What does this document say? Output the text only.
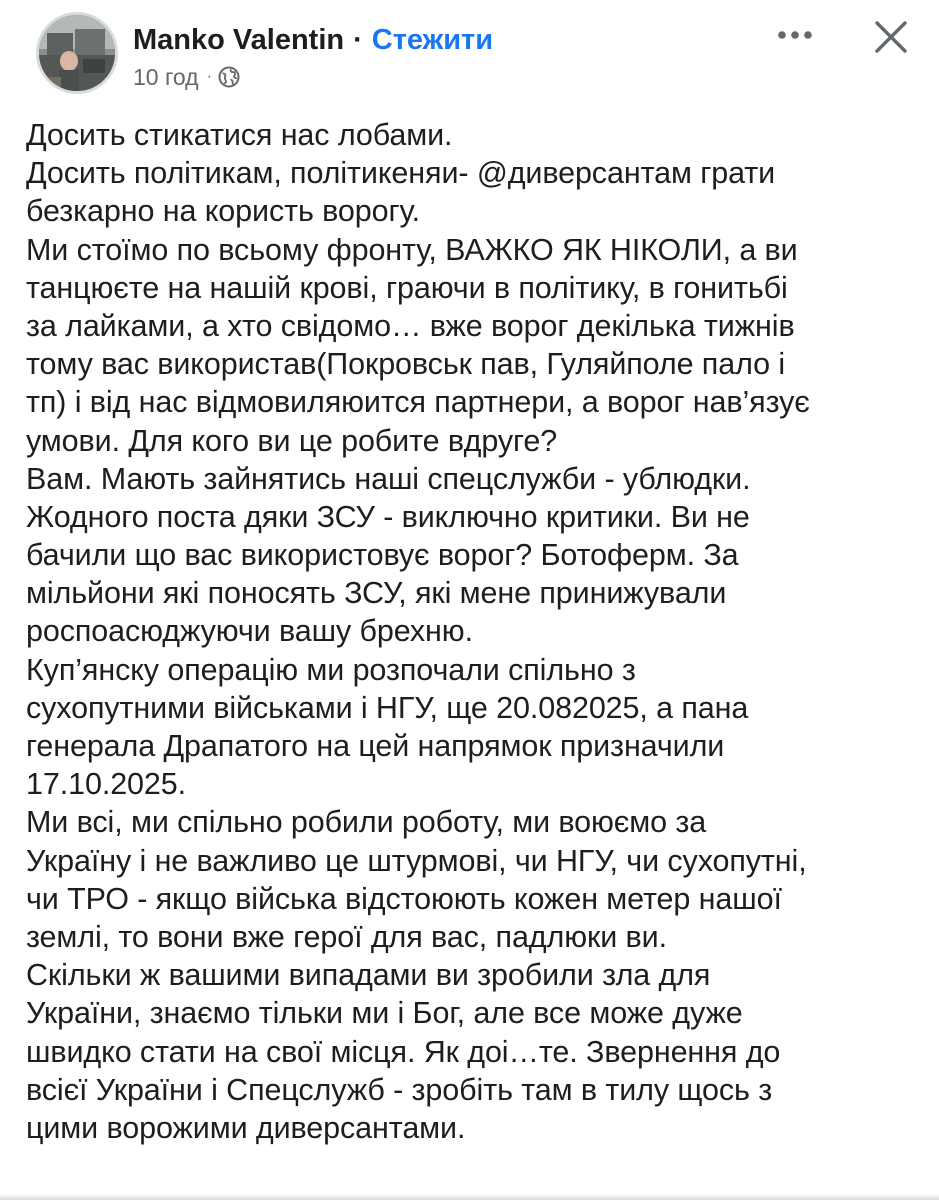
Manko Valentin · Стежити
10 год ·
Досить стикатися нас лобами.
Досить політикам, політикеняи- @диверсантам грати
безкарно на користь ворогу.
Ми стоїмо по всьому фронту, ВАЖКО ЯК НІКОЛИ, а ви
танцюєте на нашій крові, граючи в політику, в гонитьбі
за лайками, а хто свідомо… вже ворог декілька тижнів
тому вас використав(Покровськ пав, Гуляйполе пало і
тп) і від нас відмовиляюится партнери, а ворог нав’язує
умови. Для кого ви це робите вдруге?
Вам. Мають зайнятись наші спецслужби - ублюдки.
Жодного поста дяки ЗСУ - виключно критики. Ви не
бачили що вас використовує ворог? Ботоферм. За
мільйони які поносять ЗСУ, які мене принижували
роспоасюджуючи вашу брехню.
Куп’янску операцію ми розпочали спільно з
сухопутними військами і НГУ, ще 20.082025, а пана
генерала Драпатого на цей напрямок призначили
17.10.2025.
Ми всі, ми спільно робили роботу, ми воюємо за
Україну і не важливо це штурмові, чи НГУ, чи сухопутні,
чи ТРО - якщо війська відстоюють кожен метер нашої
землі, то вони вже герої для вас, падлюки ви.
Скільки ж вашими випадами ви зробили зла для
України, знаємо тільки ми і Бог, але все може дуже
швидко стати на свої місця. Як доі…те. Звернення до
всієї України і Спецслужб - зробіть там в тилу щось з
цими ворожими диверсантами.
